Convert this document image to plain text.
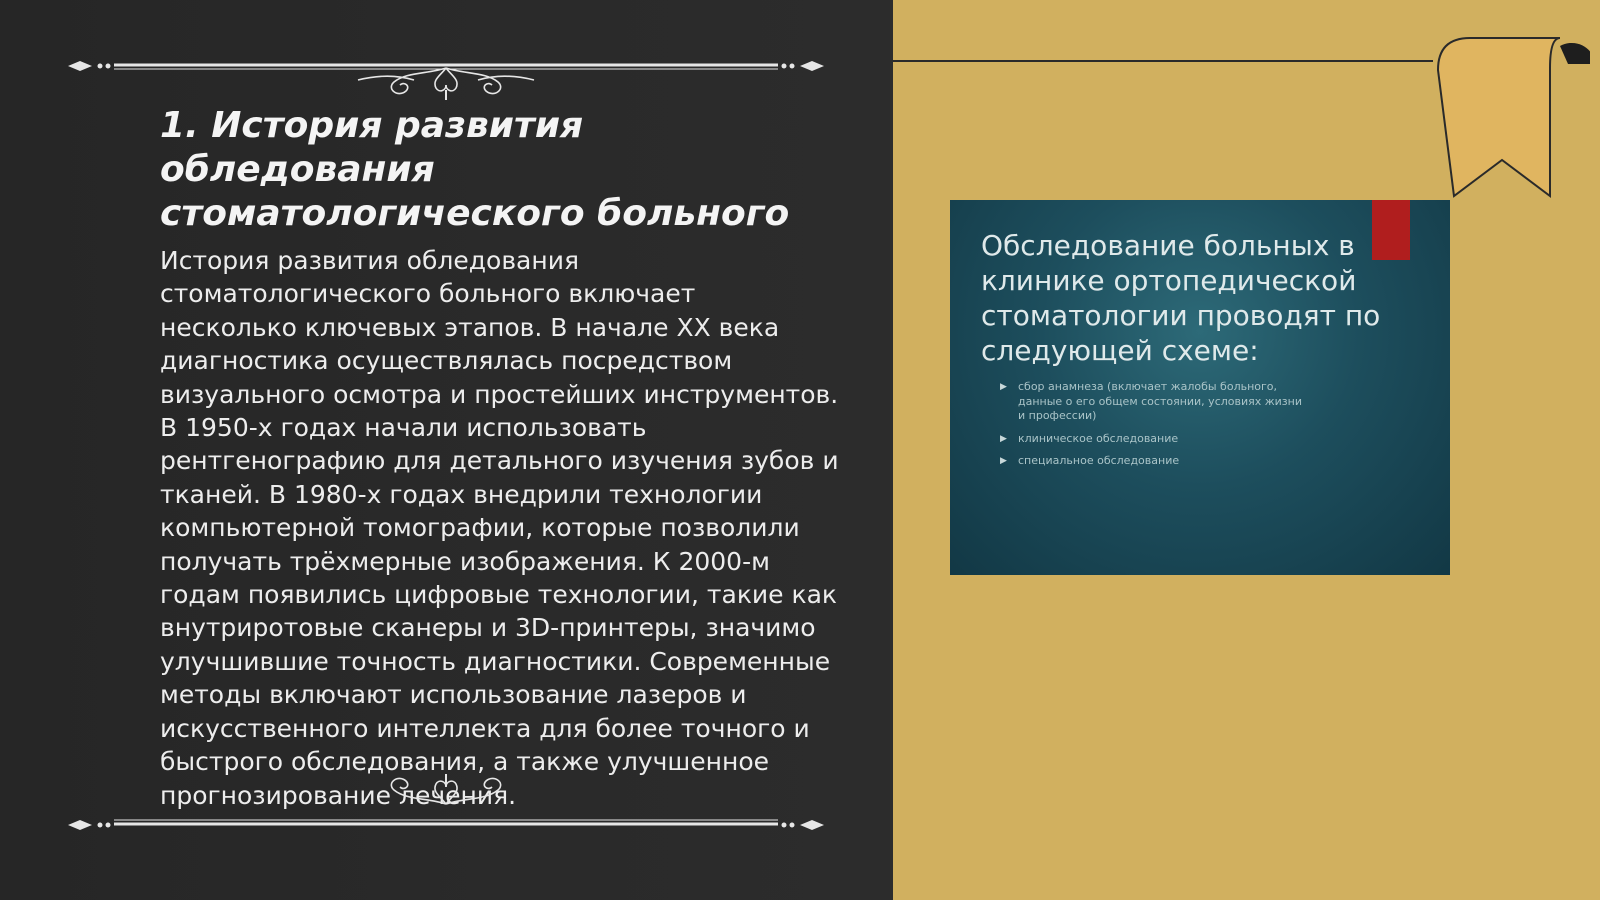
1. История развития обледования стоматологического больного

История развития обледования стоматологического больного включает несколько ключевых этапов. В начале XX века диагностика осуществлялась посредством визуального осмотра и простейших инструментов. В 1950-х годах начали использовать рентгенографию для детального изучения зубов и тканей. В 1980-х годах внедрили технологии компьютерной томографии, которые позволили получать трёхмерные изображения. К 2000-м годам появились цифровые технологии, такие как внутриротовые сканеры и 3D-принтеры, значимо улучшившие точность диагностики. Современные методы включают использование лазеров и искусственного интеллекта для более точного и быстрого обследования, а также улучшенное прогнозирование лечения.

Обследование больных в клинике ортопедической стоматологии проводят по следующей схеме:
▶ сбор анамнеза (включает жалобы больного, данные о его общем состоянии, условиях жизни и профессии)
▶ клиническое обследование
▶ специальное обследование
